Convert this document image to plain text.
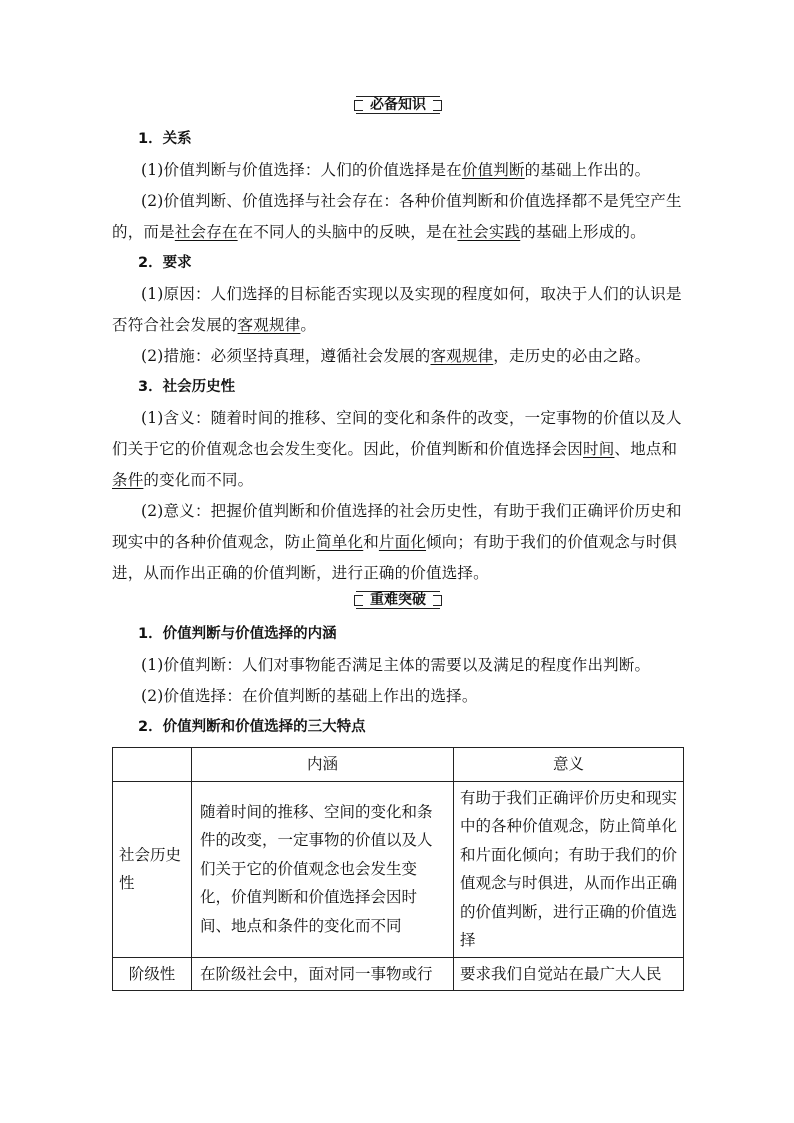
必备知识
1．关系

(1)价值判断与价值选择：人们的价值选择是在价值判断的基础上作出的。

(2)价值判断、价值选择与社会存在：各种价值判断和价值选择都不是凭空产生的，而是社会存在在不同人的头脑中的反映，是在社会实践的基础上形成的。

2．要求

(1)原因：人们选择的目标能否实现以及实现的程度如何，取决于人们的认识是否符合社会发展的客观规律。

(2)措施：必须坚持真理，遵循社会发展的客观规律，走历史的必由之路。

3．社会历史性

(1)含义：随着时间的推移、空间的变化和条件的改变，一定事物的价值以及人们关于它的价值观念也会发生变化。因此，价值判断和价值选择会因时间、地点和条件的变化而不同。

(2)意义：把握价值判断和价值选择的社会历史性，有助于我们正确评价历史和现实中的各种价值观念，防止简单化和片面化倾向；有助于我们的价值观念与时俱进，从而作出正确的价值判断，进行正确的价值选择。

重难突破
1．价值判断与价值选择的内涵

(1)价值判断：人们对事物能否满足主体的需要以及满足的程度作出判断。

(2)价值选择：在价值判断的基础上作出的选择。

2．价值判断和价值选择的三大特点
	内涵	意义
社会历史性	随着时间的推移、空间的变化和条件的改变，一定事物的价值以及人们关于它的价值观念也会发生变化，价值判断和价值选择会因时间、地点和条件的变化而不同	有助于我们正确评价历史和现实中的各种价值观念，防止简单化和片面化倾向；有助于我们的价值观念与时俱进，从而作出正确的价值判断，进行正确的价值选择
阶级性	在阶级社会中，面对同一事物或行	要求我们自觉站在最广大人民
